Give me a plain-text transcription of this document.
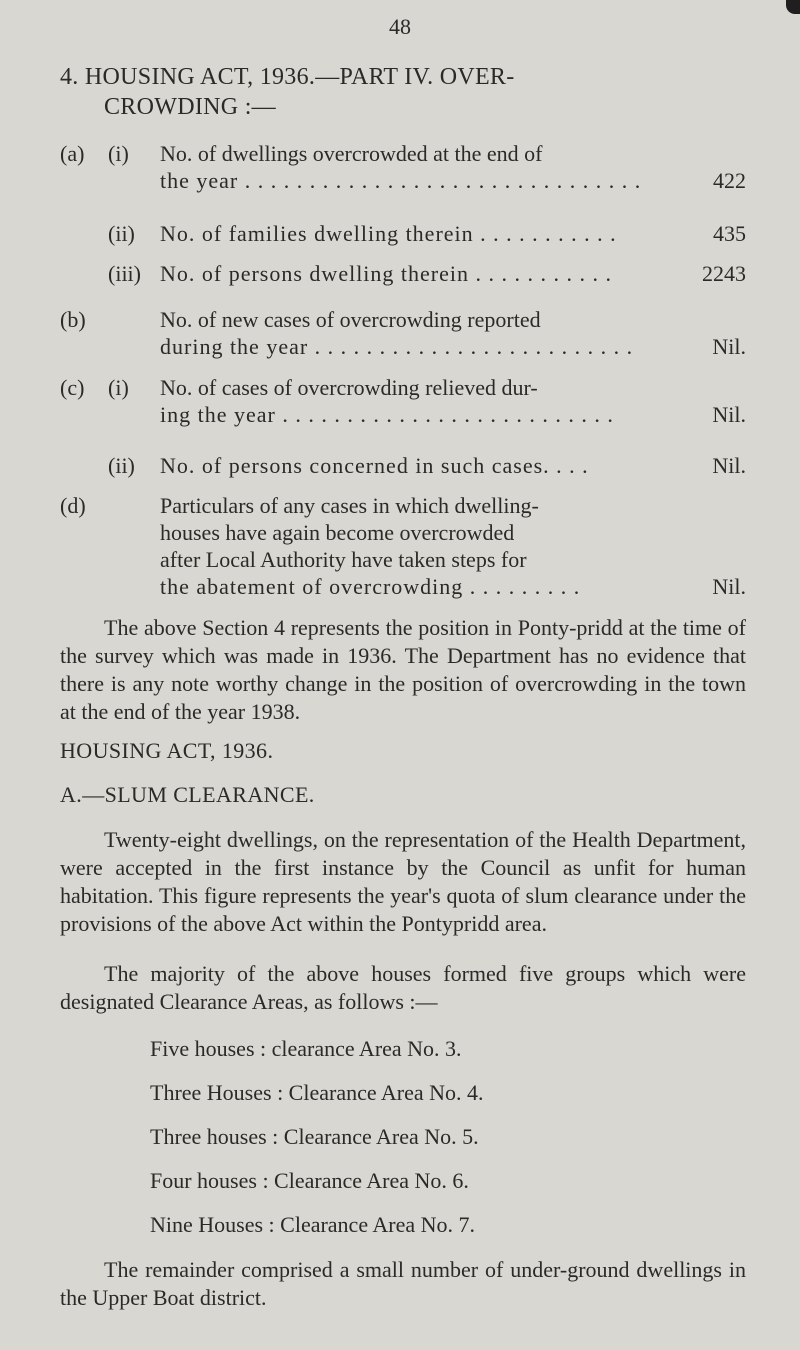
48
4. HOUSING ACT, 1936.—PART IV. OVER-
CROWDING :—
(a) (i) No. of dwellings overcrowded at the end of
the year . . . . . . . . . . . . . . . . . . . . . . . . . . . . . . .	422
(ii) No. of families dwelling therein . . . . . . . . . . .	435
(iii) No. of persons dwelling therein . . . . . . . . . . .	2243
(b)	No. of new cases of overcrowding reported
during the year . . . . . . . . . . . . . . . . . . . . . . . . .	Nil.
(c) (i) No. of cases of overcrowding relieved dur-
ing the year . . . . . . . . . . . . . . . . . . . . . . . . . .	Nil.
(ii) No. of persons concerned in such cases. . . .	Nil.
(d)	Particulars of any cases in which dwelling-
houses have again become overcrowded
after Local Authority have taken steps for
the abatement of overcrowding . . . . . . . . .	Nil.
The above Section 4 represents the position in Ponty-pridd at the time of the survey which was made in 1936. The Department has no evidence that there is any note worthy change in the position of overcrowding in the town at the end of the year 1938.
HOUSING ACT, 1936.
A.—SLUM CLEARANCE.
Twenty-eight dwellings, on the representation of the Health Department, were accepted in the first instance by the Council as unfit for human habitation. This figure represents the year's quota of slum clearance under the provisions of the above Act within the Pontypridd area.
The majority of the above houses formed five groups which were designated Clearance Areas, as follows :—
Five houses : clearance Area No. 3.
Three Houses : Clearance Area No. 4.
Three houses : Clearance Area No. 5.
Four houses : Clearance Area No. 6.
Nine Houses : Clearance Area No. 7.
The remainder comprised a small number of under-ground dwellings in the Upper Boat district.
